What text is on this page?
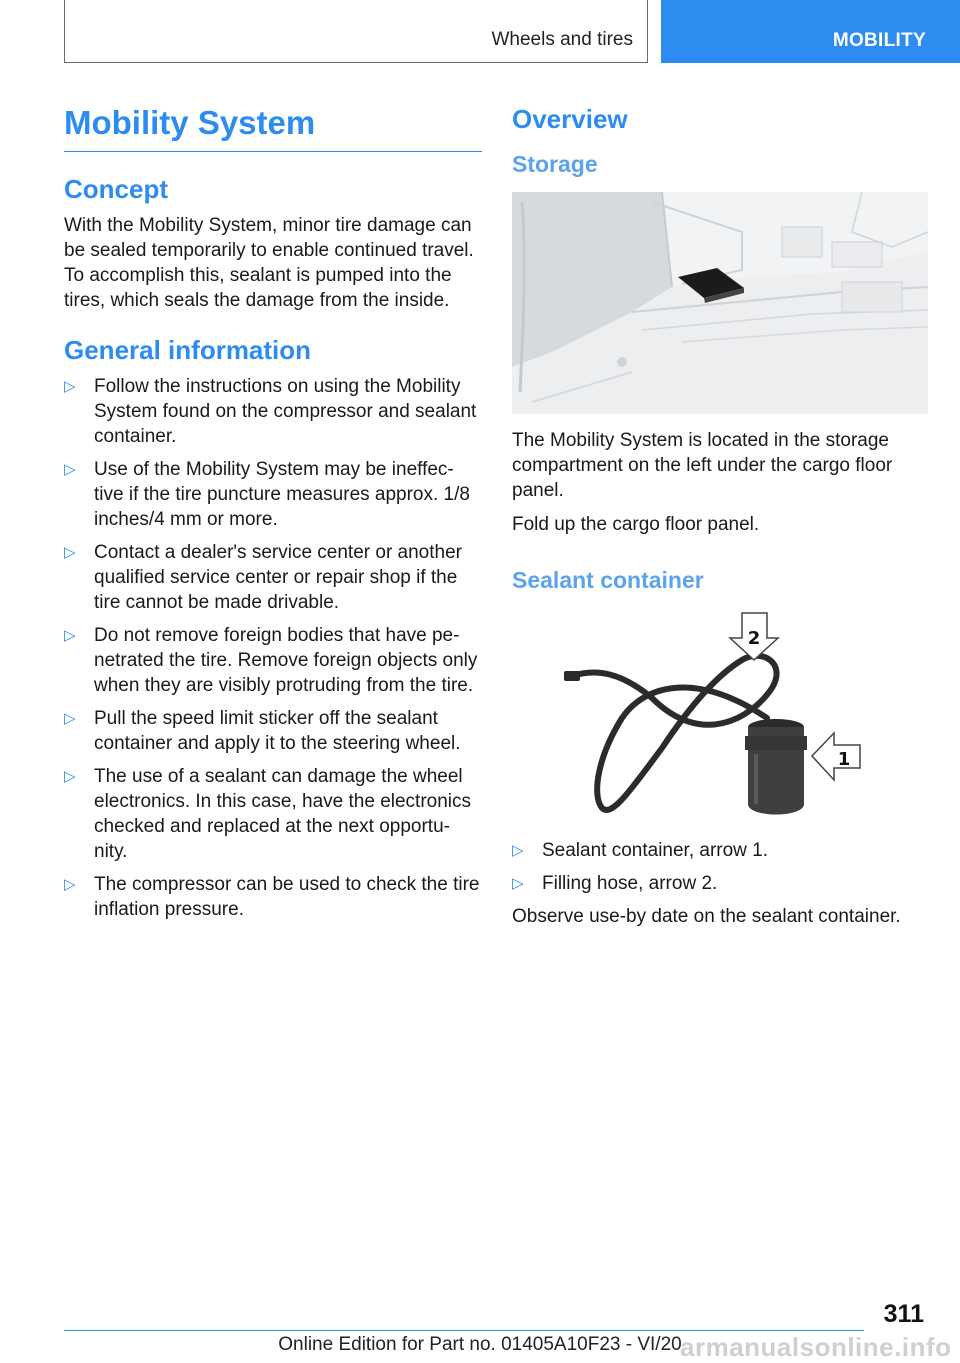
Wheels and tires	MOBILITY
Mobility System
Concept

With the Mobility System, minor tire damage can be sealed temporarily to enable continued travel. To accomplish this, sealant is pumped into the tires, which seals the damage from the inside.

General information
▷ Follow the instructions on using the Mobility System found on the compressor and sealant container.
▷ Use of the Mobility System may be ineffec- tive if the tire puncture measures approx. 1/8 inches/4 mm or more.
▷ Contact a dealer's service center or another qualified service center or repair shop if the tire cannot be made drivable.
▷ Do not remove foreign bodies that have pe- netrated the tire. Remove foreign objects only when they are visibly protruding from the tire.
▷ Pull the speed limit sticker off the sealant container and apply it to the steering wheel.
▷ The use of a sealant can damage the wheel electronics. In this case, have the electronics checked and replaced at the next opportu- nity.
▷ The compressor can be used to check the tire inflation pressure.
Overview
Storage

The Mobility System is located in the storage compartment on the left under the cargo floor panel.

Fold up the cargo floor panel.

Sealant container
2
1
▷ Sealant container, arrow 1.
▷ Filling hose, arrow 2.

Observe use-by date on the sealant container.

311
armanualsonline.info
Online Edition for Part no. 01405A10F23 - VI/20
